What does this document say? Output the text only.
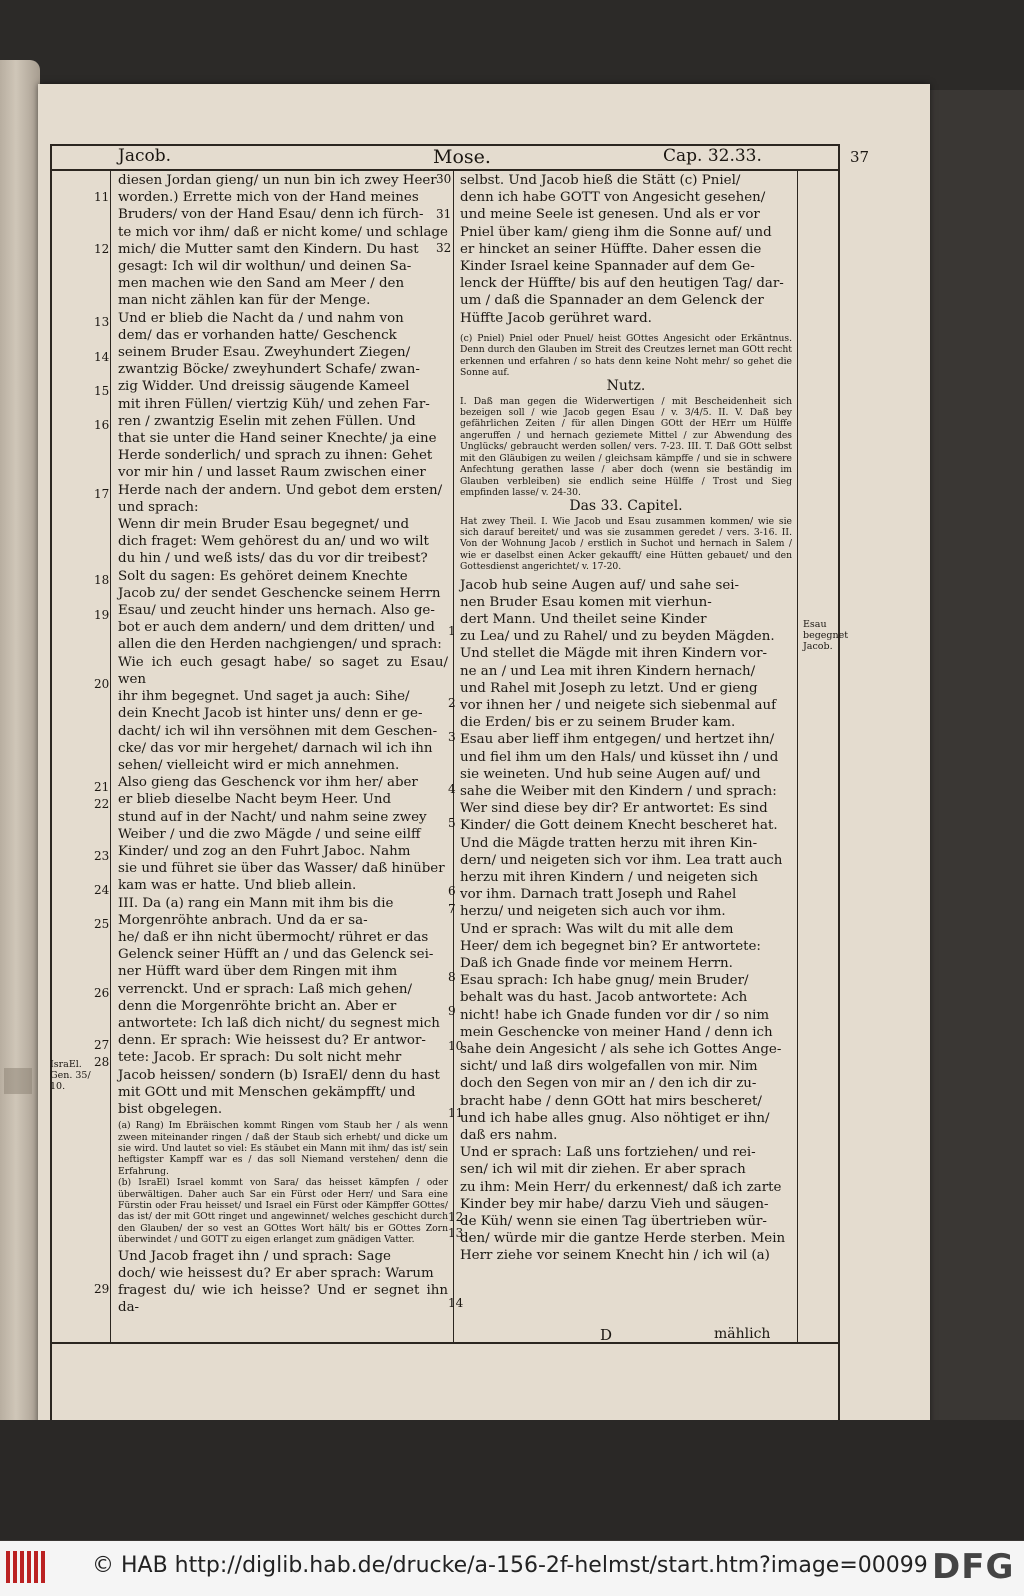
Jacob.	Mose.	Cap. 32.33.	37
11
12
13
14
15
16
17
18
19
20
21
22
23
24
25
26
27
28
29
IsraEl. Gen. 35/ 10.

diesen Jordan gieng/ un nun bin ich zwey Heer

worden.) Errette mich von der Hand meines

Bruders/ von der Hand Esau/ denn ich fürch-

te mich vor ihm/ daß er nicht kome/ und schlage

mich/ die Mutter samt den Kindern. Du hast

gesagt: Ich wil dir wolthun/ und deinen Sa-

men machen wie den Sand am Meer / den

man nicht zählen kan für der Menge.

Und er blieb die Nacht da / und nahm von

dem/ das er vorhanden hatte/ Geschenck

seinem Bruder Esau. Zweyhundert Ziegen/

zwantzig Böcke/ zweyhundert Schafe/ zwan-

zig Widder. Und dreissig säugende Kameel

mit ihren Füllen/ viertzig Küh/ und zehen Far-

ren / zwantzig Eselin mit zehen Füllen. Und

that sie unter die Hand seiner Knechte/ ja eine

Herde sonderlich/ und sprach zu ihnen: Gehet

vor mir hin / und lasset Raum zwischen einer

Herde nach der andern. Und gebot dem ersten/

und sprach:

Wenn dir mein Bruder Esau begegnet/ und

dich fraget: Wem gehörest du an/ und wo wilt

du hin / und weß ists/ das du vor dir treibest?

Solt du sagen: Es gehöret deinem Knechte

Jacob zu/ der sendet Geschencke seinem Herrn

Esau/ und zeucht hinder uns hernach. Also ge-

bot er auch dem andern/ und dem dritten/ und

allen die den Herden nachgiengen/ und sprach:

Wie ich euch gesagt habe/ so saget zu Esau/ wen

ihr ihm begegnet. Und saget ja auch: Sihe/

dein Knecht Jacob ist hinter uns/ denn er ge-

dacht/ ich wil ihn versöhnen mit dem Geschen-

cke/ das vor mir hergehet/ darnach wil ich ihn

sehen/ vielleicht wird er mich annehmen.

Also gieng das Geschenck vor ihm her/ aber

er blieb dieselbe Nacht beym Heer. Und

stund auf in der Nacht/ und nahm seine zwey

Weiber / und die zwo Mägde / und seine eilff

Kinder/ und zog an den Fuhrt Jaboc. Nahm

sie und führet sie über das Wasser/ daß hinüber

kam was er hatte. Und blieb allein.

III. Da (a) rang ein Mann mit ihm bis die

Morgenröhte anbrach. Und da er sa-

he/ daß er ihn nicht übermocht/ rühret er das

Gelenck seiner Hüfft an / und das Gelenck sei-

ner Hüfft ward über dem Ringen mit ihm

verrenckt. Und er sprach: Laß mich gehen/

denn die Morgenröhte bricht an. Aber er

antwortete: Ich laß dich nicht/ du segnest mich

denn. Er sprach: Wie heissest du? Er antwor-

tete: Jacob. Er sprach: Du solt nicht mehr

Jacob heissen/ sondern (b) IsraEl/ denn du hast

mit GOtt und mit Menschen gekämpfft/ und

bist obgelegen.

(a) Rang) Im Ebräischen kommt Ringen vom Staub her / als wenn zween miteinander ringen / daß der Staub sich erhebt/ und dicke um sie wird. Und lautet so viel: Es stäubet ein Mann mit ihm/ das ist/ sein heftigster Kampff war es / das soll Niemand verstehen/ denn die Erfahrung.

(b) IsraEl) Israel kommt von Sara/ das heisset kämpfen / oder überwältigen. Daher auch Sar ein Fürst oder Herr/ und Sara eine Fürstin oder Frau heisset/ und Israel ein Fürst oder Kämpffer GOttes/ das ist/ der mit GOtt ringet und angewinnet/ welches geschicht durch den Glauben/ der so vest an GOttes Wort hält/ bis er GOttes Zorn überwindet / und GOTT zu eigen erlanget zum gnädigen Vatter.

Und Jacob fraget ihn / und sprach: Sage

doch/ wie heissest du? Er aber sprach: Warum

fragest du/ wie ich heisse? Und er segnet ihn da-

30
31
32

selbst. Und Jacob hieß die Stätt (c) Pniel/

denn ich habe GOTT von Angesicht gesehen/

und meine Seele ist genesen. Und als er vor

Pniel über kam/ gieng ihm die Sonne auf/ und

er hincket an seiner Hüffte. Daher essen die

Kinder Israel keine Spannader auf dem Ge-

lenck der Hüffte/ bis auf den heutigen Tag/ dar-

um / daß die Spannader an dem Gelenck der

Hüffte Jacob gerühret ward.

(c) Pniel) Pniel oder Pnuel/ heist GOttes Angesicht oder Erkäntnus. Denn durch den Glauben im Streit des Creutzes lernet man GOtt recht erkennen und erfahren / so hats denn keine Noht mehr/ so gehet die Sonne auf.

Nutz.

I. Daß man gegen die Widerwertigen / mit Bescheidenheit sich bezeigen soll / wie Jacob gegen Esau / v. 3/4/5. II. V. Daß bey gefährlichen Zeiten / für allen Dingen GOtt der HErr um Hülffe angeruffen / und hernach geziemete Mittel / zur Abwendung des Unglücks/ gebraucht werden sollen/ vers. 7-23. III. T. Daß GOtt selbst mit den Gläubigen zu weilen / gleichsam kämpffe / und sie in schwere Anfechtung gerathen lasse / aber doch (wenn sie beständig im Glauben verbleiben) sie endlich seine Hülffe / Trost und Sieg empfinden lasse/ v. 24-30.

Das 33. Capitel.

Hat zwey Theil. I. Wie Jacob und Esau zusammen kommen/ wie sie sich darauf bereitet/ und was sie zusammen geredet / vers. 3-16. II. Von der Wohnung Jacob / erstlich in Suchot und hernach in Salem / wie er daselbst einen Acker gekaufft/ eine Hütten gebauet/ und den Gottesdienst angerichtet/ v. 17-20.

Jacob hub seine Augen auf/ und sahe sei-

nen Bruder Esau komen mit vierhun-

dert Mann. Und theilet seine Kinder

zu Lea/ und zu Rahel/ und zu beyden Mägden.

Und stellet die Mägde mit ihren Kindern vor-

ne an / und Lea mit ihren Kindern hernach/

und Rahel mit Joseph zu letzt. Und er gieng

vor ihnen her / und neigete sich siebenmal auf

die Erden/ bis er zu seinem Bruder kam.

Esau aber lieff ihm entgegen/ und hertzet ihn/

und fiel ihm um den Hals/ und küsset ihn / und

sie weineten. Und hub seine Augen auf/ und

sahe die Weiber mit den Kindern / und sprach:

Wer sind diese bey dir? Er antwortet: Es sind

Kinder/ die Gott deinem Knecht bescheret hat.

Und die Mägde tratten herzu mit ihren Kin-

dern/ und neigeten sich vor ihm. Lea tratt auch

herzu mit ihren Kindern / und neigeten sich

vor ihm. Darnach tratt Joseph und Rahel

herzu/ und neigeten sich auch vor ihm.

Und er sprach: Was wilt du mit alle dem

Heer/ dem ich begegnet bin? Er antwortete:

Daß ich Gnade finde vor meinem Herrn.

Esau sprach: Ich habe gnug/ mein Bruder/

behalt was du hast. Jacob antwortete: Ach

nicht! habe ich Gnade funden vor dir / so nim

mein Geschencke von meiner Hand / denn ich

sahe dein Angesicht / als sehe ich Gottes Ange-

sicht/ und laß dirs wolgefallen von mir. Nim

doch den Segen von mir an / den ich dir zu-

bracht habe / denn GOtt hat mirs bescheret/

und ich habe alles gnug. Also nöhtiget er ihn/

daß ers nahm.

Und er sprach: Laß uns fortziehen/ und rei-

sen/ ich wil mit dir ziehen. Er aber sprach

zu ihm: Mein Herr/ du erkennest/ daß ich zarte

Kinder bey mir habe/ darzu Vieh und säugen-

de Küh/ wenn sie einen Tag übertrieben wür-

den/ würde mir die gantze Herde sterben. Mein

Herr ziehe vor seinem Knecht hin / ich wil (a)

1
2
3
4
5
6
7
8
9
10
11
12
13
14
Esau begegnet Jacob.
D	mählich
© HAB http://diglib.hab.de/drucke/a-156-2f-helmst/start.htm?image=00099 DFG
